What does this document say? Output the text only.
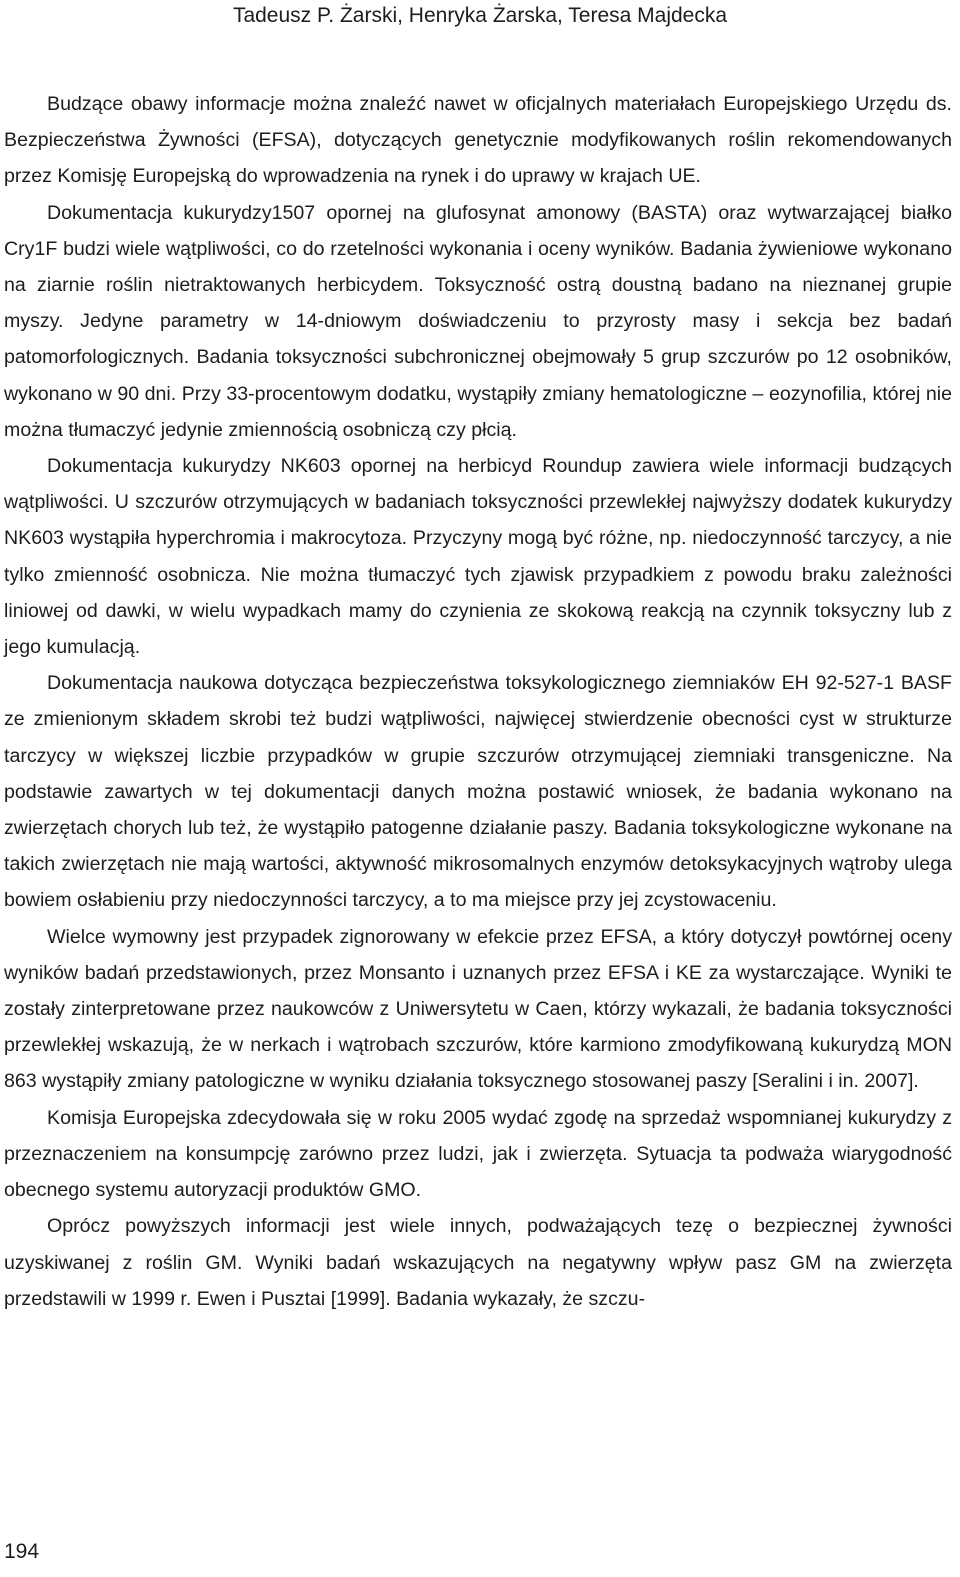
Tadeusz P. Żarski, Henryka Żarska, Teresa Majdecka

Budzące obawy informacje można znaleźć nawet w oficjalnych materiałach Europejskiego Urzędu ds. Bezpieczeństwa Żywności (EFSA), dotyczących genetycznie modyfikowanych roślin rekomendowanych przez Komisję Europejską do wprowadzenia na rynek i do uprawy w krajach UE.

Dokumentacja kukurydzy1507 opornej na glufosynat amonowy (BASTA) oraz wytwarzającej białko Cry1F budzi wiele wątpliwości, co do rzetelności wykonania i oceny wyników. Badania żywieniowe wykonano na ziarnie roślin nietraktowanych herbicydem. Toksyczność ostrą doustną badano na nieznanej grupie myszy. Jedyne parametry w 14-dniowym doświadczeniu to przyrosty masy i sekcja bez badań patomorfologicznych. Badania toksyczności subchronicznej obejmowały 5 grup szczurów po 12 osobników, wykonano w 90 dni. Przy 33-procentowym dodatku, wystąpiły zmiany hematologiczne – eozynofilia, której nie można tłumaczyć jedynie zmiennością osobniczą czy płcią.

Dokumentacja kukurydzy NK603 opornej na herbicyd Roundup zawiera wiele informacji budzących wątpliwości. U szczurów otrzymujących w badaniach toksyczności przewlekłej najwyższy dodatek kukurydzy NK603 wystąpiła hyperchromia i makrocytoza. Przyczyny mogą być różne, np. niedoczynność tarczycy, a nie tylko zmienność osobnicza. Nie można tłumaczyć tych zjawisk przypadkiem z powodu braku zależności liniowej od dawki, w wielu wypadkach mamy do czynienia ze skokową reakcją na czynnik toksyczny lub z jego kumulacją.

Dokumentacja naukowa dotycząca bezpieczeństwa toksykologicznego ziemniaków EH 92-527-1 BASF ze zmienionym składem skrobi też budzi wątpliwości, najwięcej stwierdzenie obecności cyst w strukturze tarczycy w większej liczbie przypadków w grupie szczurów otrzymującej ziemniaki transgeniczne. Na podstawie zawartych w tej dokumentacji danych można postawić wniosek, że badania wykonano na zwierzętach chorych lub też, że wystąpiło patogenne działanie paszy. Badania toksykologiczne wykonane na takich zwierzętach nie mają wartości, aktywność mikrosomalnych enzymów detoksykacyjnych wątroby ulega bowiem osłabieniu przy niedoczynności tarczycy, a to ma miejsce przy jej zcystowaceniu.

Wielce wymowny jest przypadek zignorowany w efekcie przez EFSA, a który dotyczył powtórnej oceny wyników badań przedstawionych, przez Monsanto i uznanych przez EFSA i KE za wystarczające. Wyniki te zostały zinterpretowane przez naukowców z Uniwersytetu w Caen, którzy wykazali, że badania toksyczności przewlekłej wskazują, że w nerkach i wątrobach szczurów, które karmiono zmodyfikowaną kukurydzą MON 863 wystąpiły zmiany patologiczne w wyniku działania toksycznego stosowanej paszy [Seralini i in. 2007].

Komisja Europejska zdecydowała się w roku 2005 wydać zgodę na sprzedaż wspomnianej kukurydzy z przeznaczeniem na konsumpcję zarówno przez ludzi, jak i zwierzęta. Sytuacja ta podważa wiarygodność obecnego systemu autoryzacji produktów GMO.

Oprócz powyższych informacji jest wiele innych, podważających tezę o bezpiecznej żywności uzyskiwanej z roślin GM. Wyniki badań wskazujących na negatywny wpływ pasz GM na zwierzęta przedstawili w 1999 r. Ewen i Pusztai [1999]. Badania wykazały, że szczu-

194
